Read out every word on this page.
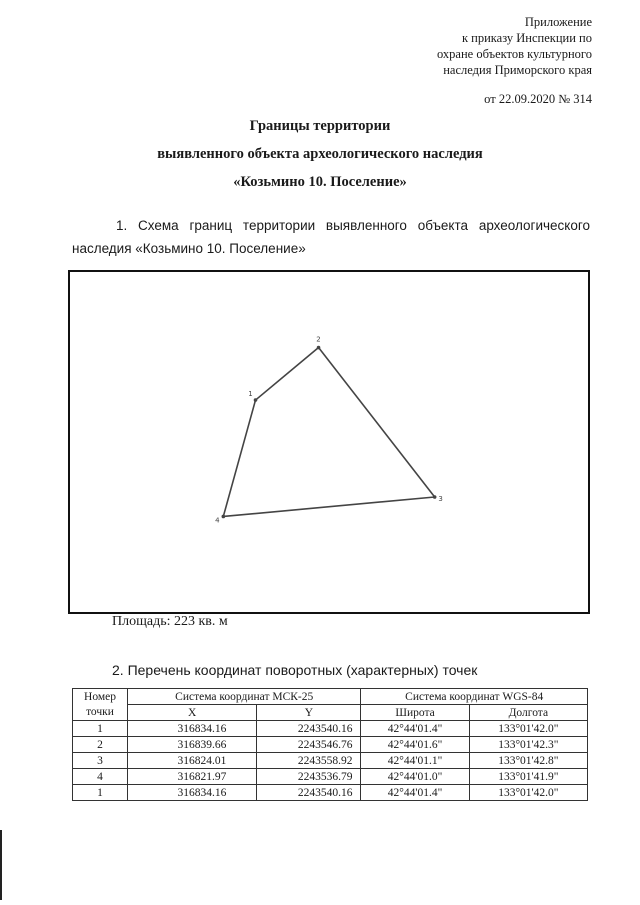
Приложение
к приказу Инспекции по
охране объектов культурного
наследия Приморского края
от 22.09.2020 № 314
Границы территории
выявленного объекта археологического наследия
«Козьмино 10. Поселение»
1. Схема границ территории выявленного объекта археологического наследия «Козьмино 10. Поселение»
1
2
3
4
Площадь: 223 кв. м
2. Перечень координат поворотных (характерных) точек
Номер
точки	Система координат МСК-25		Система координат WGS-84	
	X	Y	Широта	Долгота
1	316834.16	2243540.16	42°44'01.4"	133°01'42.0"
2	316839.66	2243546.76	42°44'01.6"	133°01'42.3"
3	316824.01	2243558.92	42°44'01.1"	133°01'42.8"
4	316821.97	2243536.79	42°44'01.0"	133°01'41.9"
1	316834.16	2243540.16	42°44'01.4"	133°01'42.0"
